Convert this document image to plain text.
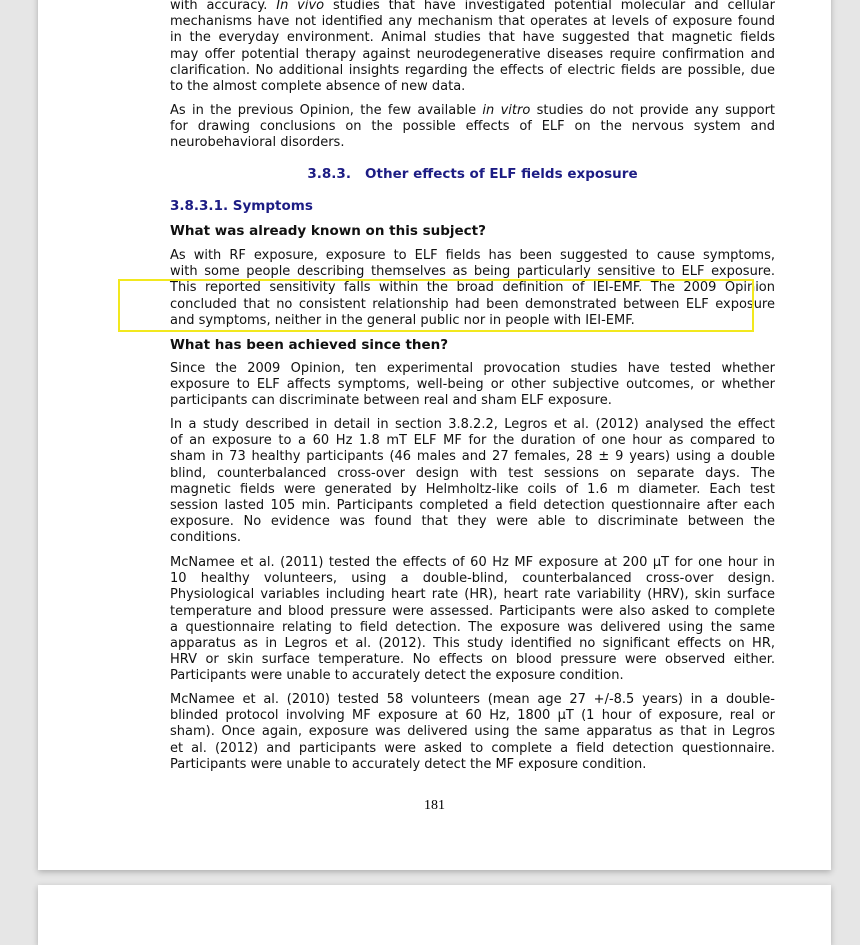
with accuracy. In vivo studies that have investigated potential molecular and cellular
mechanisms have not identified any mechanism that operates at levels of exposure found
in the everyday environment. Animal studies that have suggested that magnetic fields
may offer potential therapy against neurodegenerative diseases require confirmation and
clarification. No additional insights regarding the effects of electric fields are possible, due
to the almost complete absence of new data.
As in the previous Opinion, the few available in vitro studies do not provide any support
for drawing conclusions on the possible effects of ELF on the nervous system and
neurobehavioral disorders.
3.8.3.   Other effects of ELF fields exposure
3.8.3.1. Symptoms
What was already known on this subject?
As with RF exposure, exposure to ELF fields has been suggested to cause symptoms,
with some people describing themselves as being particularly sensitive to ELF exposure.
This reported sensitivity falls within the broad definition of IEI-EMF. The 2009 Opinion
concluded that no consistent relationship had been demonstrated between ELF exposure
and symptoms, neither in the general public nor in people with IEI-EMF.
What has been achieved since then?
Since the 2009 Opinion, ten experimental provocation studies have tested whether
exposure to ELF affects symptoms, well-being or other subjective outcomes, or whether
participants can discriminate between real and sham ELF exposure.
In a study described in detail in section 3.8.2.2, Legros et al. (2012) analysed the effect
of an exposure to a 60 Hz 1.8 mT ELF MF for the duration of one hour as compared to
sham in 73 healthy participants (46 males and 27 females, 28 ± 9 years) using a double
blind, counterbalanced cross-over design with test sessions on separate days. The
magnetic fields were generated by Helmholtz-like coils of 1.6 m diameter. Each test
session lasted 105 min. Participants completed a field detection questionnaire after each
exposure. No evidence was found that they were able to discriminate between the
conditions.
McNamee et al. (2011) tested the effects of 60 Hz MF exposure at 200 µT for one hour in
10 healthy volunteers, using a double-blind, counterbalanced cross-over design.
Physiological variables including heart rate (HR), heart rate variability (HRV), skin surface
temperature and blood pressure were assessed. Participants were also asked to complete
a questionnaire relating to field detection. The exposure was delivered using the same
apparatus as in Legros et al. (2012). This study identified no significant effects on HR,
HRV or skin surface temperature. No effects on blood pressure were observed either.
Participants were unable to accurately detect the exposure condition.
McNamee et al. (2010) tested 58 volunteers (mean age 27 +/-8.5 years) in a double-
blinded protocol involving MF exposure at 60 Hz, 1800 µT (1 hour of exposure, real or
sham). Once again, exposure was delivered using the same apparatus as that in Legros
et al. (2012) and participants were asked to complete a field detection questionnaire.
Participants were unable to accurately detect the MF exposure condition.
181
